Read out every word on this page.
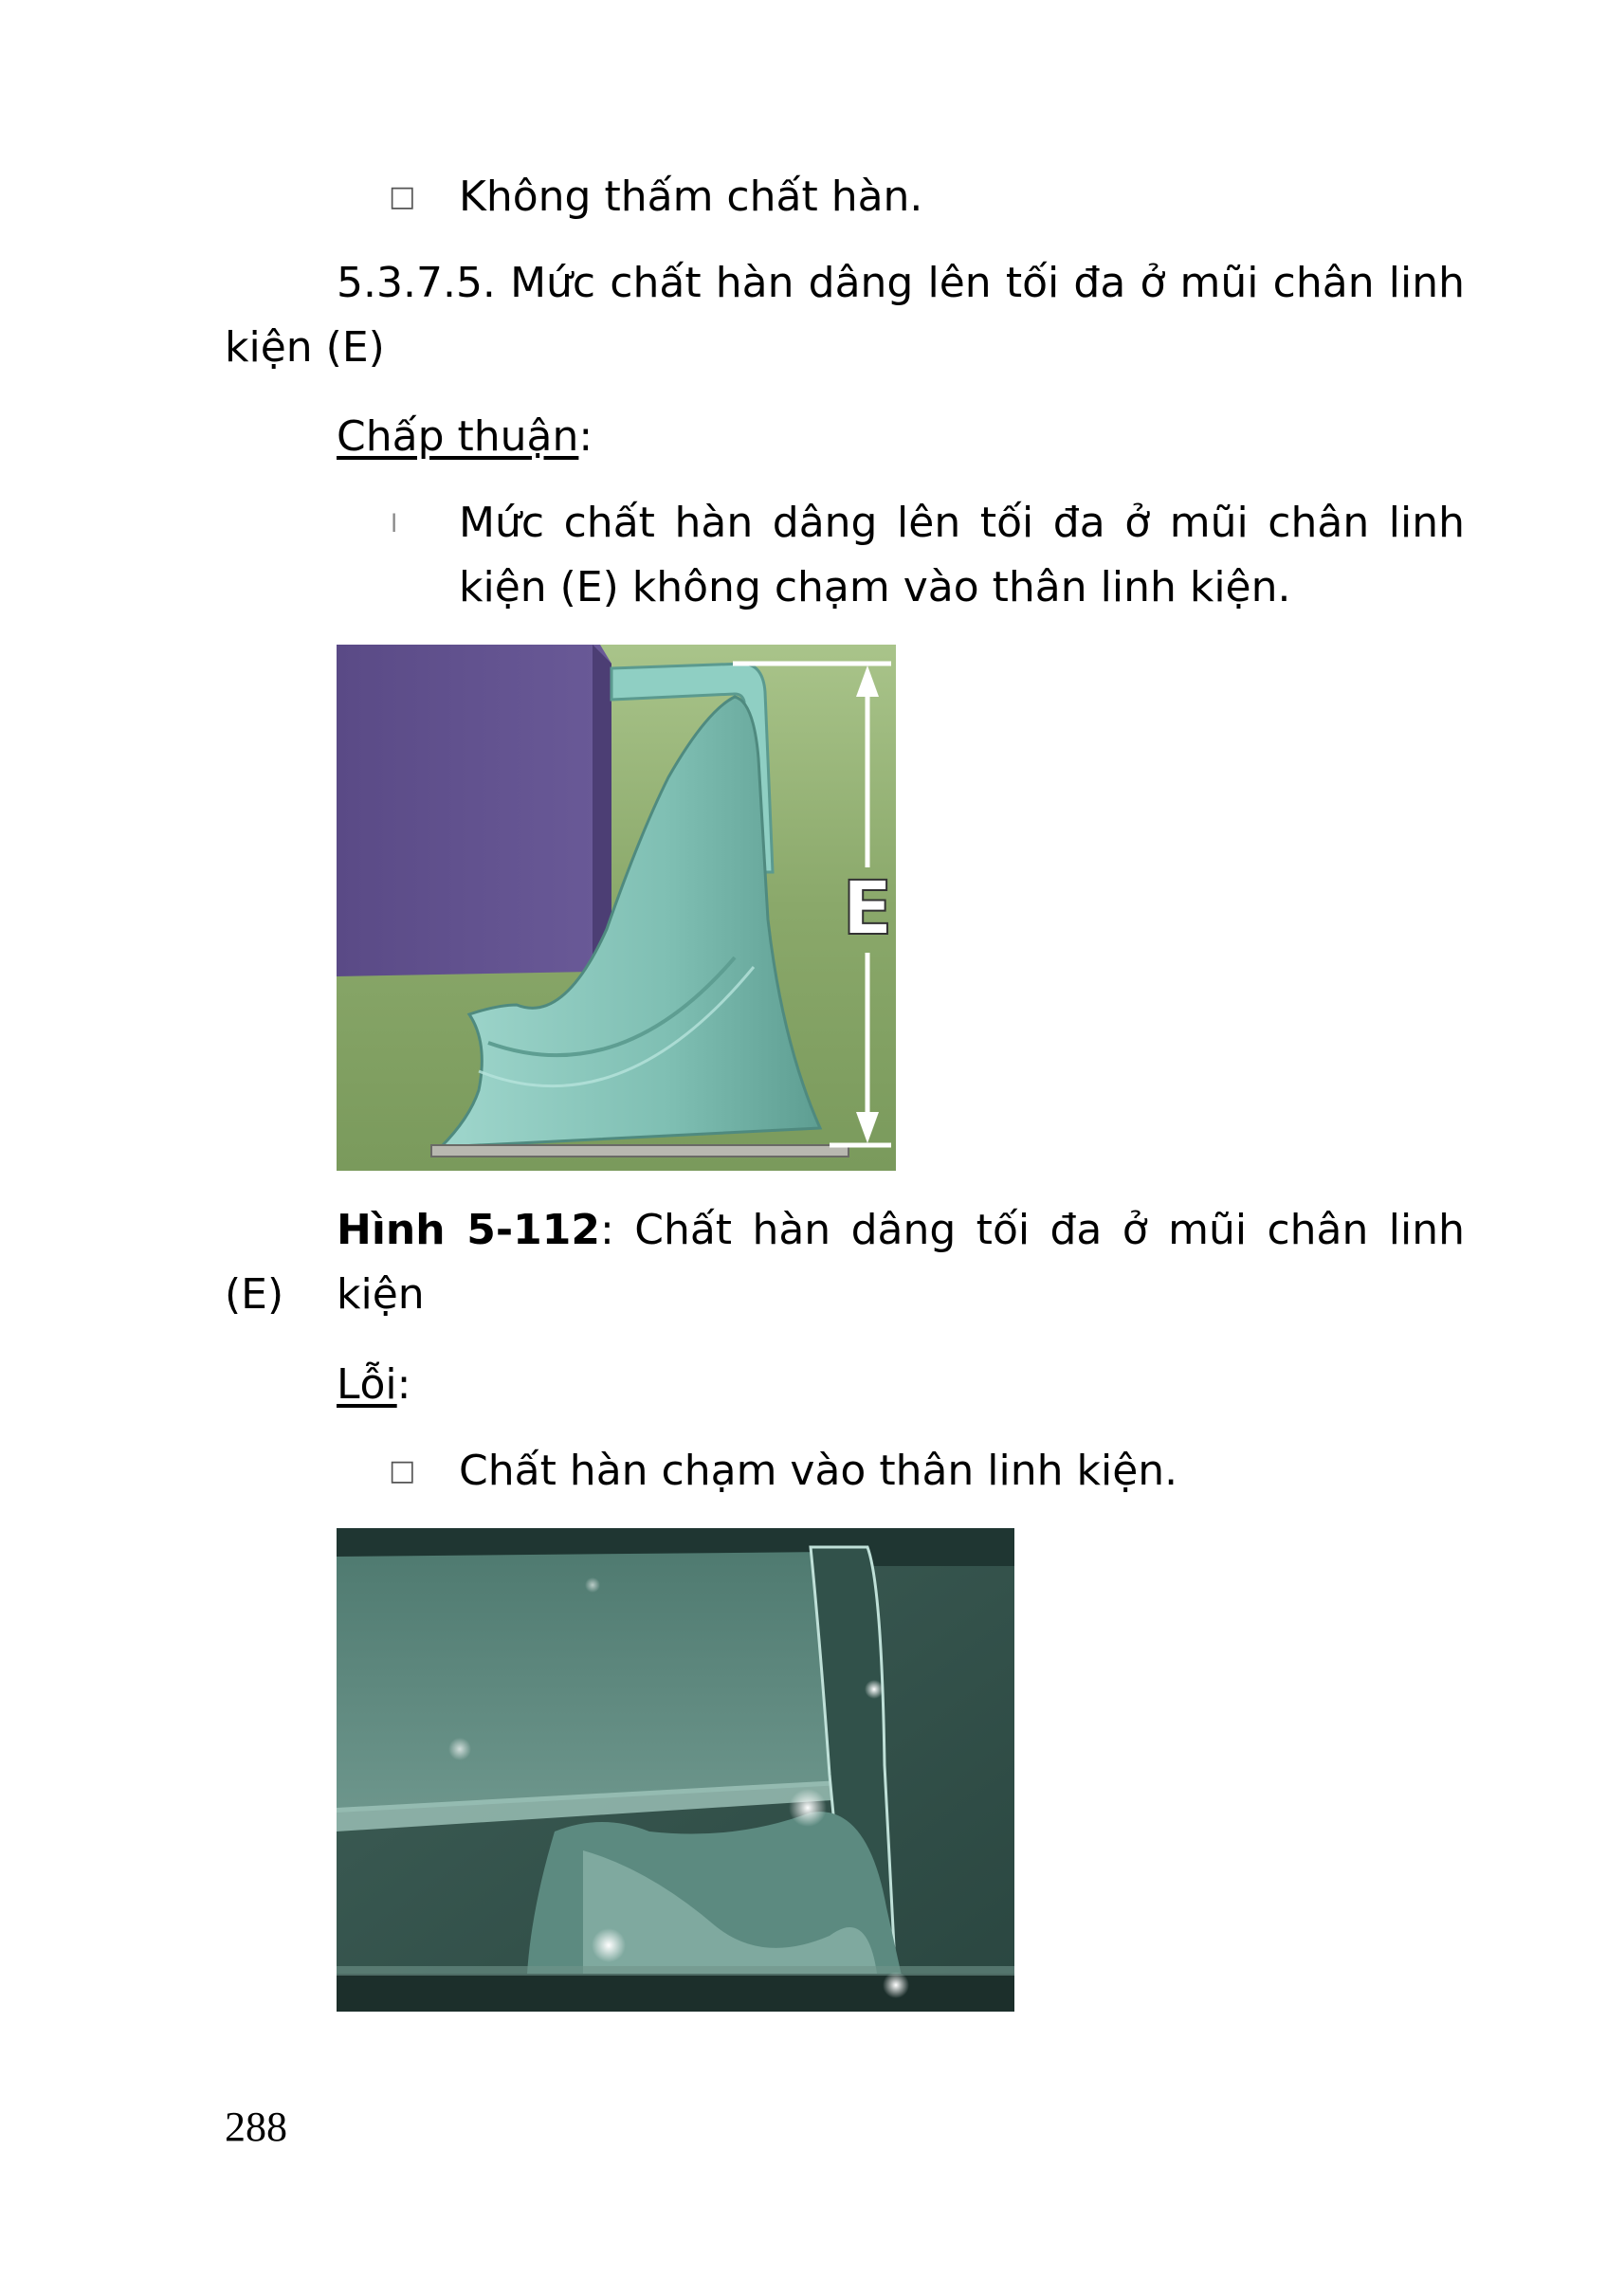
□ Không thấm chất hàn.

5.3.7.5. Mức chất hàn dâng lên tối đa ở mũi chân linh

kiện (E)

Chấp thuận:

l Mức chất hàn dâng lên tối đa ở mũi chân linh kiện (E) không chạm vào thân linh kiện.

E

Hình 5-112: Chất hàn dâng tối đa ở mũi chân linh kiện

(E)

Lỗi:

□ Chất hàn chạm vào thân linh kiện.

288
